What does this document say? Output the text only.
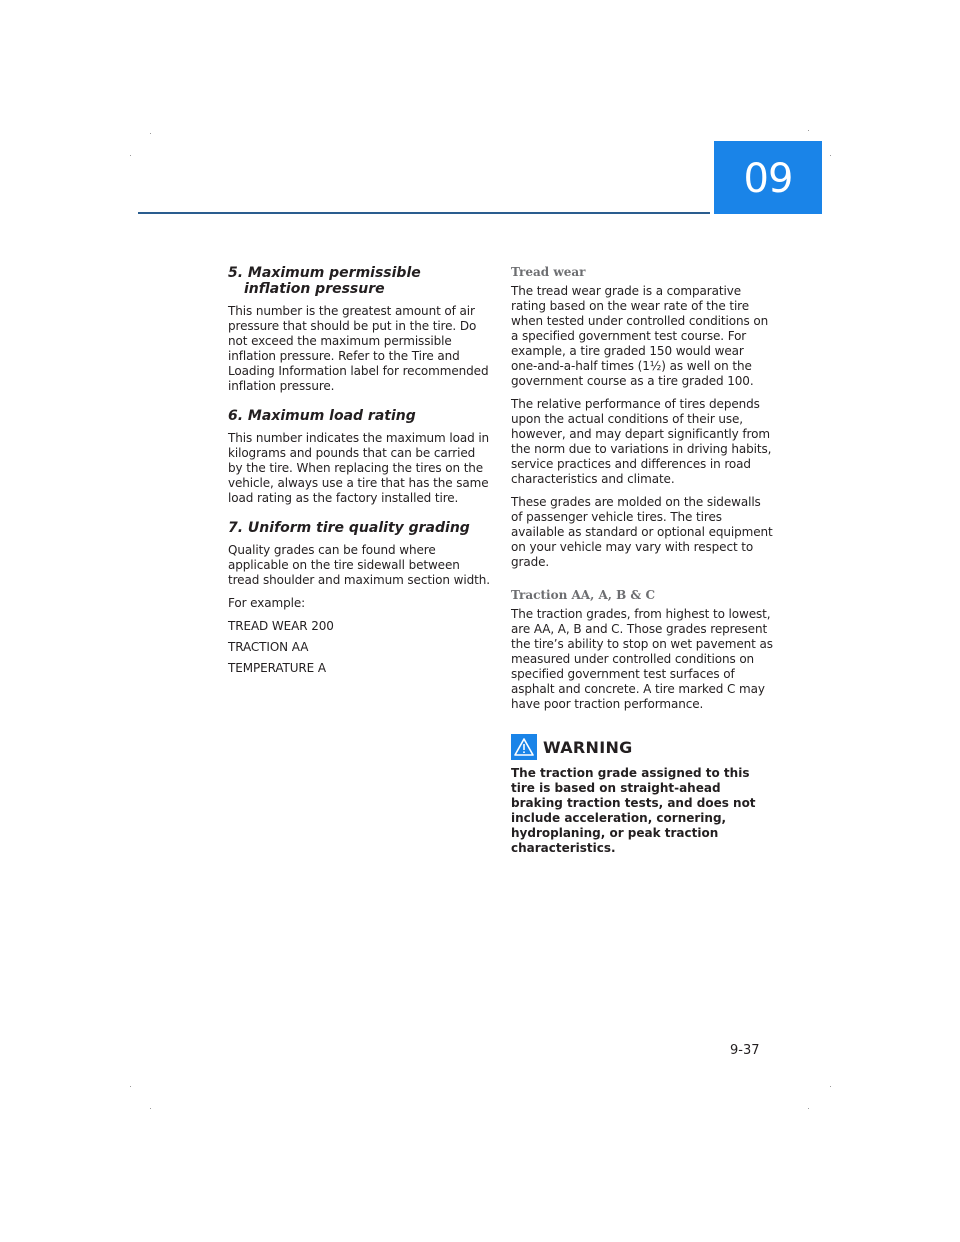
09
5. Maximum permissible inflation pressure

This number is the greatest amount of air pressure that should be put in the tire. Do not exceed the maximum permissible inflation pressure. Refer to the Tire and Loading Information label for recommended inflation pressure.

6. Maximum load rating

This number indicates the maximum load in kilograms and pounds that can be carried by the tire. When replacing the tires on the vehicle, always use a tire that has the same load rating as the factory installed tire.

7. Uniform tire quality grading

Quality grades can be found where applicable on the tire sidewall between tread shoulder and maximum section width.

For example:

TREAD WEAR 200

TRACTION AA

TEMPERATURE A

Tread wear

The tread wear grade is a comparative rating based on the wear rate of the tire when tested under controlled conditions on a specified government test course. For example, a tire graded 150 would wear one-and-a-half times (1½) as well on the government course as a tire graded 100.

The relative performance of tires depends upon the actual conditions of their use, however, and may depart significantly from the norm due to variations in driving habits, service practices and differences in road characteristics and climate.

These grades are molded on the sidewalls of passenger vehicle tires. The tires available as standard or optional equipment on your vehicle may vary with respect to grade.

Traction AA, A, B & C

The traction grades, from highest to lowest, are AA, A, B and C. Those grades represent the tire’s ability to stop on wet pavement as measured under controlled conditions on specified government test surfaces of asphalt and concrete. A tire marked C may have poor traction performance.

WARNING

The traction grade assigned to this tire is based on straight-ahead braking traction tests, and does not include acceleration, cornering, hydroplaning, or peak traction characteristics.

9-37
